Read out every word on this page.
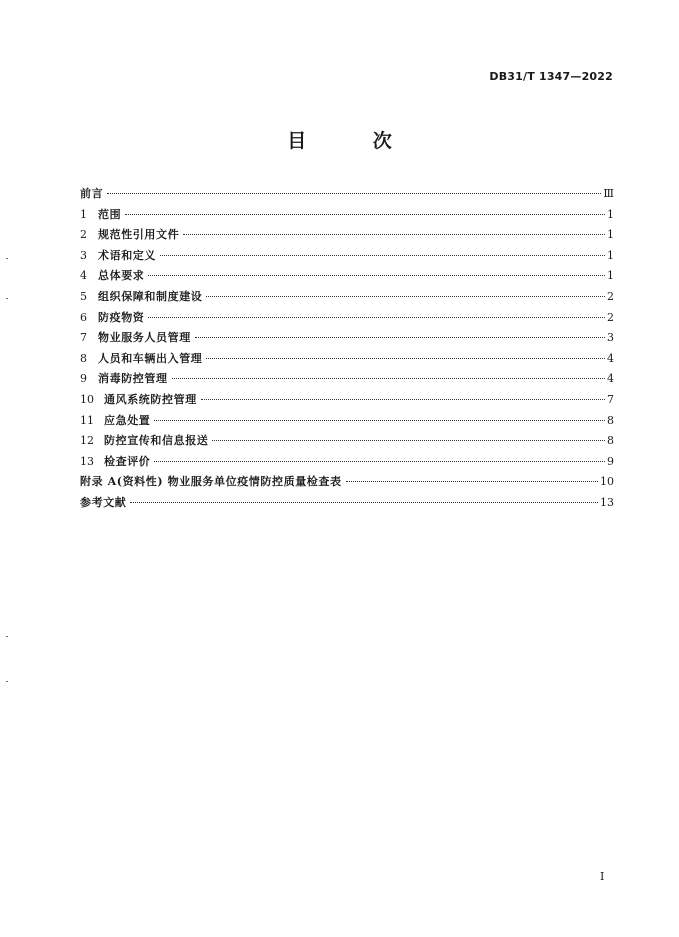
DB31/T 1347—2022
目 次
前言	Ⅲ
1	范围	1
2	规范性引用文件	1
3	术语和定义	1
4	总体要求	1
5	组织保障和制度建设	2
6	防疫物资	2
7	物业服务人员管理	3
8	人员和车辆出入管理	4
9	消毒防控管理	4
10 通风系统防控管理	7
11 应急处置	8
12 防控宣传和信息报送	8
13 检查评价	9
附录 A(资料性) 物业服务单位疫情防控质量检查表	10
参考文献	13
I
